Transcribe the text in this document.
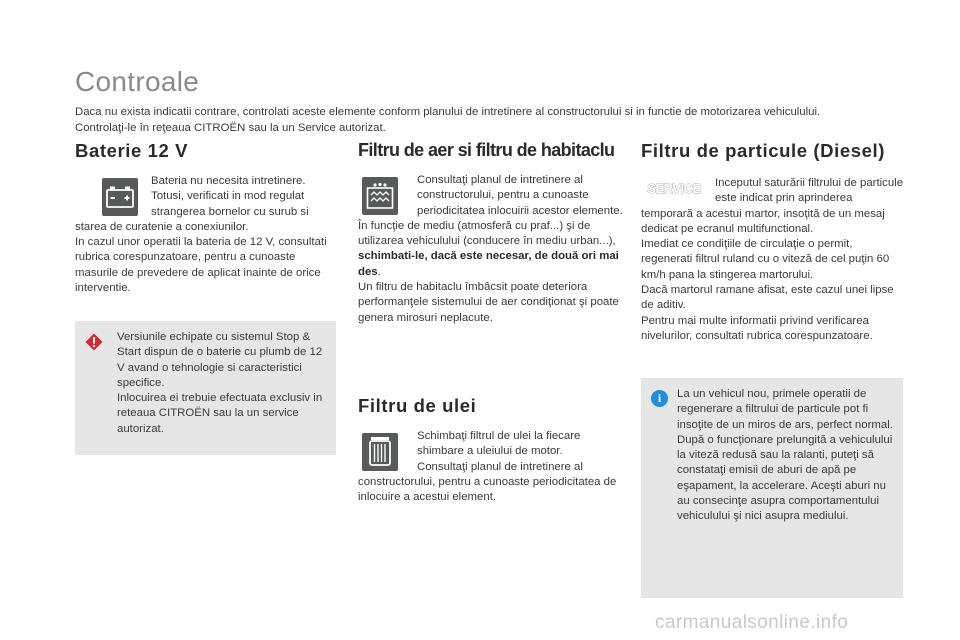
Controale

Daca nu exista indicatii contrare, controlati aceste elemente conform planului de intretinere al constructorului si in functie de motorizarea vehiculului.

Controlaţi-le în reţeaua CITROËN sau la un Service autorizat.

Baterie 12 V

Bateria nu necesita intretinere. Totusi, verificati in mod regulat strangerea bornelor cu surub si starea de curatenie a conexiunilor.

In cazul unor operatii la bateria de 12 V, consultati rubrica corespunzatoare, pentru a cunoaste masurile de prevedere de aplicat inainte de orice interventie.

Versiunile echipate cu sistemul Stop & Start dispun de o baterie cu plumb de 12 V avand o tehnologie si caracteristici specifice.

Inlocuirea ei trebuie efectuata exclusiv in reteaua CITROËN sau la un service autorizat.

Filtru de aer si filtru de habitaclu

Consultaţi planul de intretinere al constructorului, pentru a cunoaste periodicitatea inlocuirii acestor elemente.

În funcţie de mediu (atmosferă cu praf...) şi de utilizarea vehiculului (conducere în mediu urban...), schimbati-le, dacă este necesar, de două ori mai des.

Un filtru de habitaclu îmbâcsit poate deteriora performanţele sistemului de aer condiţionat şi poate genera mirosuri neplacute.

Filtru de ulei

Schimbaţi filtrul de ulei la fiecare shimbare a uleiului de motor.

Consultaţi planul de intretinere al constructorului, pentru a cunoaste periodicitatea de inlocuire a acestui element.

Filtru de particule (Diesel)
SERVICE	Inceputul saturării filtrului de particule este indicat prin aprinderea temporară a acestui martor, insoţită de un mesaj dedicat pe ecranul multifunctional.

Imediat ce condiţiile de circulaţie o permit, regenerati filtrul ruland cu o viteză de cel puţin 60 km/h pana la stingerea martorului.

Dacă martorul ramane afisat, este cazul unei lipse de aditiv.

Pentru mai multe informatii privind verificarea nivelurilor, consultati rubrica corespunzatoare.

i	La un vehicul nou, primele operatii de regenerare a filtrului de particule pot fi insoţite de un miros de ars, perfect normal.

După o funcţionare prelungită a vehiculului la viteză redusă sau la ralanti, puteţi să constataţi emisii de aburi de apă pe eşapament, la accelerare. Aceşti aburi nu au consecinţe asupra comportamentului vehiculului şi nici asupra mediului.

carmanualsonline.info
